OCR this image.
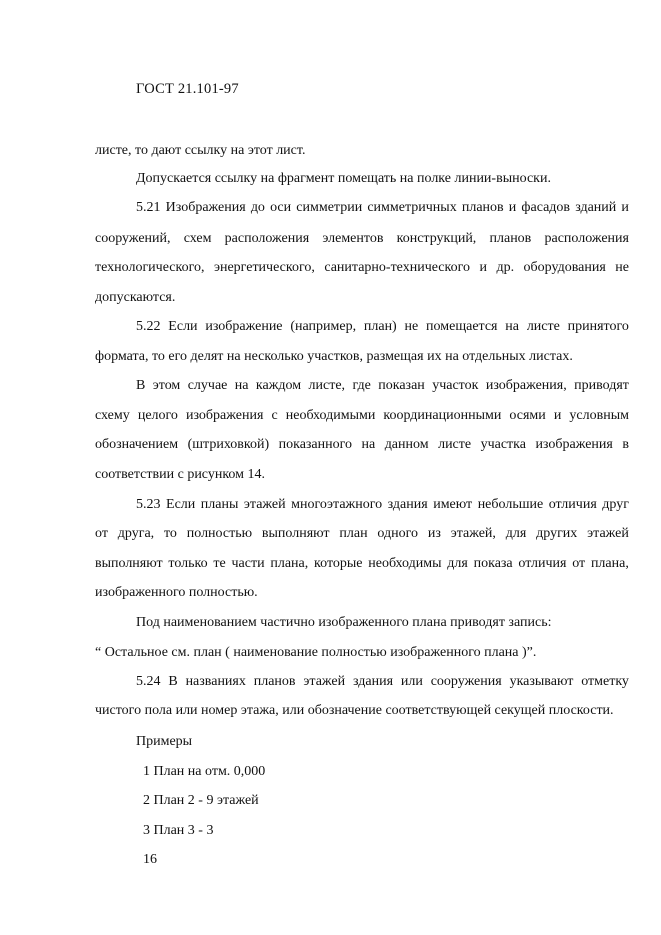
ГОСТ 21.101-97
листе, то дают ссылку на этот лист.
Допускается ссылку на фрагмент помещать на полке линии-выноски.
5.21 Изображения до оси симметрии симметричных планов и фасадов зданий и
сооружений, схем расположения элементов конструкций, планов расположения
технологического, энергетического, санитарно-технического и др. оборудования не
допускаются.
5.22 Если изображение (например, план) не помещается на листе принятого
формата, то его делят на несколько участков, размещая их на отдельных листах.
В этом случае на каждом листе, где показан участок изображения, приводят
схему целого изображения с необходимыми координационными осями и условным
обозначением (штриховкой) показанного на данном листе участка изображения в
соответствии с рисунком 14.
5.23 Если планы этажей многоэтажного здания имеют небольшие отличия друг
от друга, то полностью выполняют план одного из этажей, для других этажей
выполняют только те части плана, которые необходимы для показа отличия от плана,
изображенного полностью.
Под наименованием частично изображенного плана приводят запись:
“ Остальное см. план ( наименование полностью изображенного плана )”.
5.24 В названиях планов этажей здания или сооружения указывают отметку
чистого пола или номер этажа, или обозначение соответствующей секущей плоскости.
Примеры
1 План на отм. 0,000
2 План 2 - 9 этажей
3 План 3 - 3
16
